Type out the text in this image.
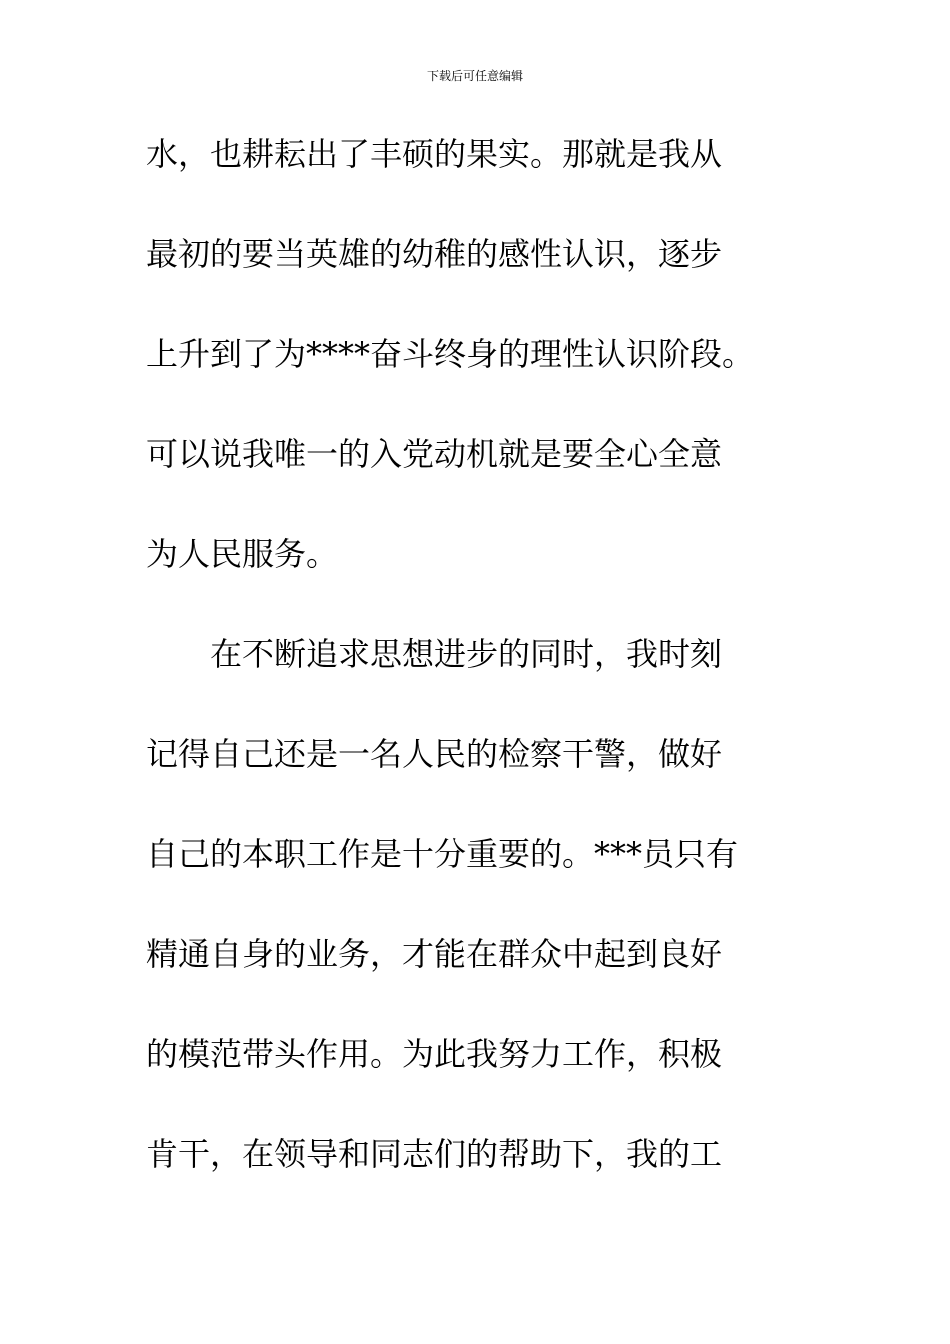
下载后可任意编辑
水，也耕耘出了丰硕的果实。那就是我从
最初的要当英雄的幼稚的感性认识，逐步
上升到了为****奋斗终身的理性认识阶段。
可以说我唯一的入党动机就是要全心全意
为人民服务。
　　在不断追求思想进步的同时，我时刻
记得自己还是一名人民的检察干警，做好
自己的本职工作是十分重要的。***员只有
精通自身的业务，才能在群众中起到良好
的模范带头作用。为此我努力工作，积极
肯干，在领导和同志们的帮助下，我的工
